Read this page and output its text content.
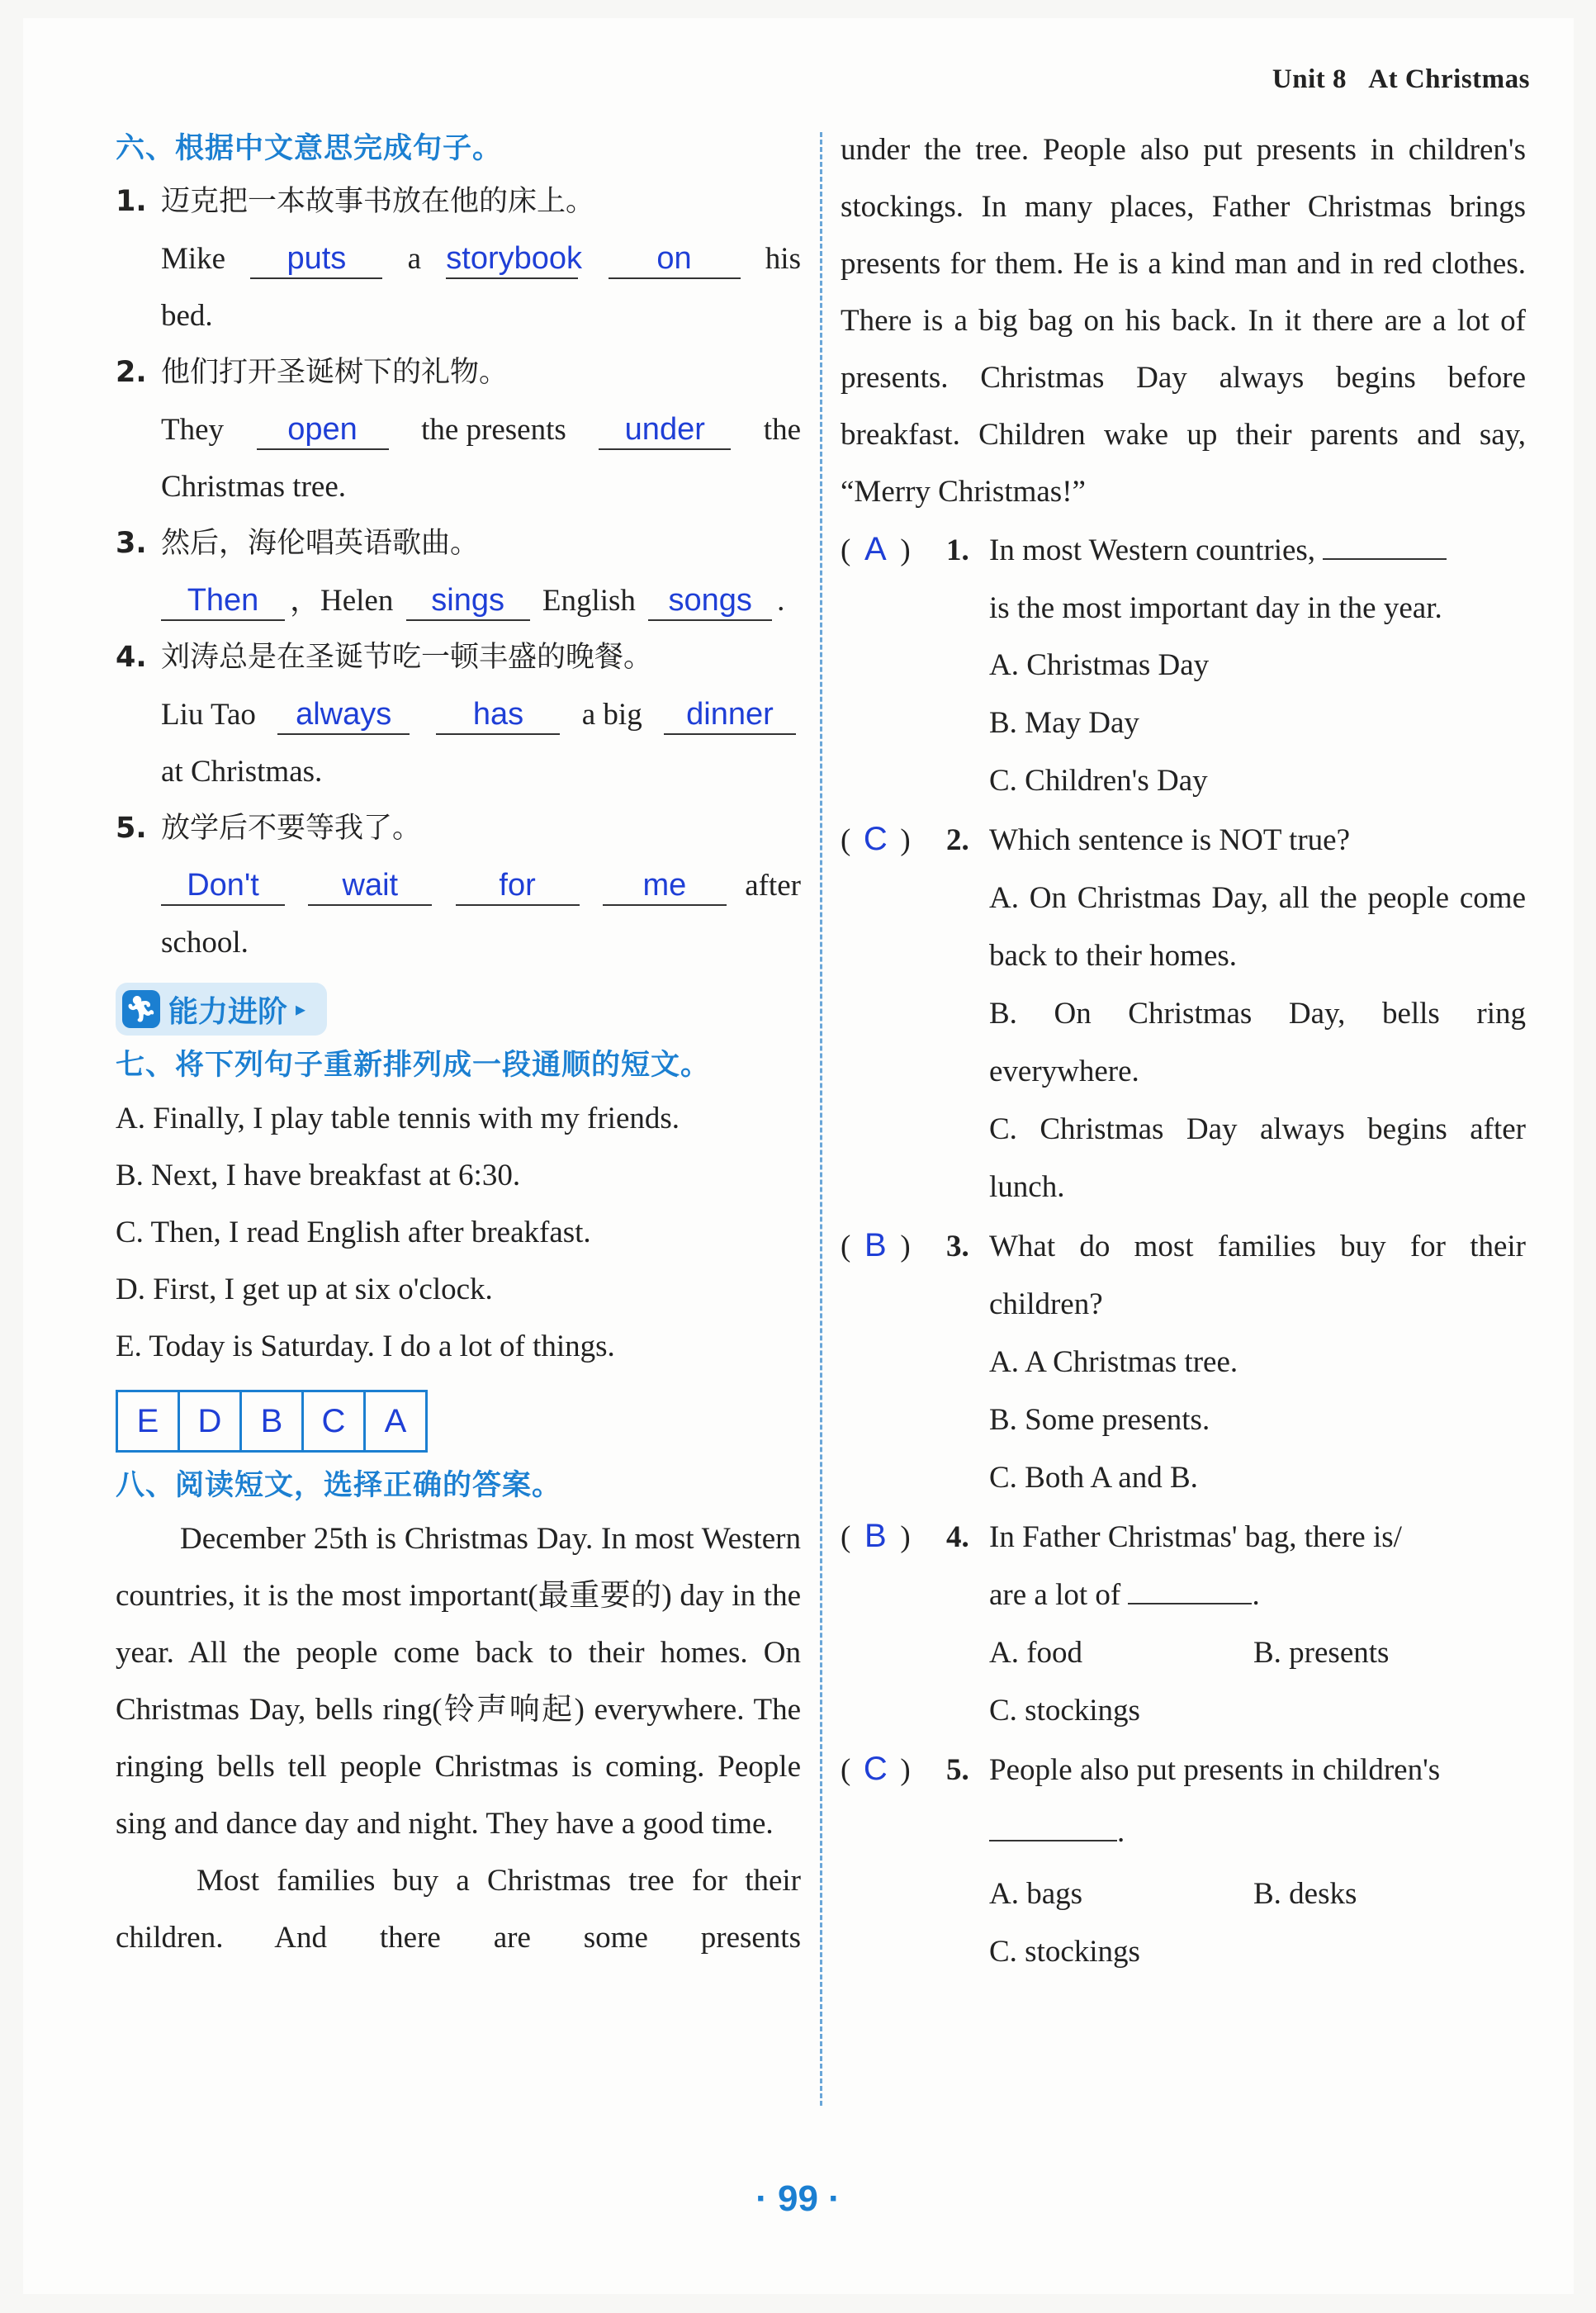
Unit 8 At Christmas
六、根据中文意思完成句子。
1. 迈克把一本故事书放在他的床上。
Mike	puts	a storybook	on	his
bed.
2. 他们打开圣诞树下的礼物。
They	open	the presents	under	the
Christmas tree.
3. 然后，海伦唱英语歌曲。
Then ，Helen sings English songs .
4. 刘涛总是在圣诞节吃一顿丰盛的晚餐。
Liu Tao	always	has	a big	dinner
at Christmas.
5. 放学后不要等我了。
Don't	wait	for	me	after
school.
🏃︎ 能力进阶 ▸
七、将下列句子重新排列成一段通顺的短文。
A. Finally, I play table tennis with my friends.
B. Next, I have breakfast at 6:30.
C. Then, I read English after breakfast.
D. First, I get up at six o'clock.
E. Today is Saturday. I do a lot of things.
E	D	B	C	A
八、阅读短文，选择正确的答案。
December 25th is Christmas Day. In most Western countries, it is the most important(最重要的) day in the year. All the people come back to their homes. On Christmas Day, bells ring(铃声响起) everywhere. The ringing bells tell people Christmas is coming. People sing and dance day and night. They have a good time.
Most families buy a Christmas tree for their children. And there are some presents
under the tree. People also put presents in children's stockings. In many places, Father Christmas brings presents for them. He is a kind man and in red clothes. There is a big bag on his back. In it there are a lot of presents. Christmas Day always begins before breakfast. Children wake up their parents and say, “Merry Christmas!”
( A ) 1. In most Western countries,
is the most important day in the year.
A. Christmas Day
B. May Day
C. Children's Day
( C ) 2. Which sentence is NOT true?
A. On Christmas Day, all the people come back to their homes.
B. On Christmas Day, bells ring everywhere.
C. Christmas Day always begins after lunch.
( B ) 3. What do most families buy for their children?
A. A Christmas tree.
B. Some presents.
C. Both A and B.
( B ) 4. In Father Christmas' bag, there is/
are a lot of	.
A. food	B. presents
C. stockings
( C ) 5. People also put presents in children's
.
A. bags	B. desks
C. stockings
· 99 ·
